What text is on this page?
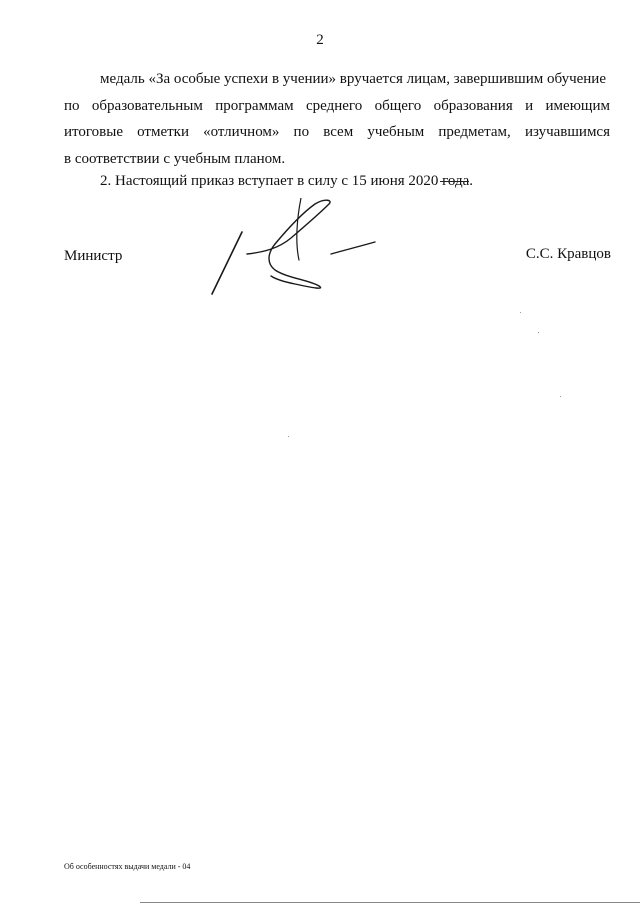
2
медаль «За особые успехи в учении» вручается лицам, завершившим обучение
по образовательным программам среднего общего образования и имеющим
итоговые отметки «отличном» по всем учебным предметам, изучавшимся
в соответствии с учебным планом.
2. Настоящий приказ вступает в силу с 15 июня 2020 года.
Министр	С.С. Кравцов
Об особенностях выдачи медали - 04
